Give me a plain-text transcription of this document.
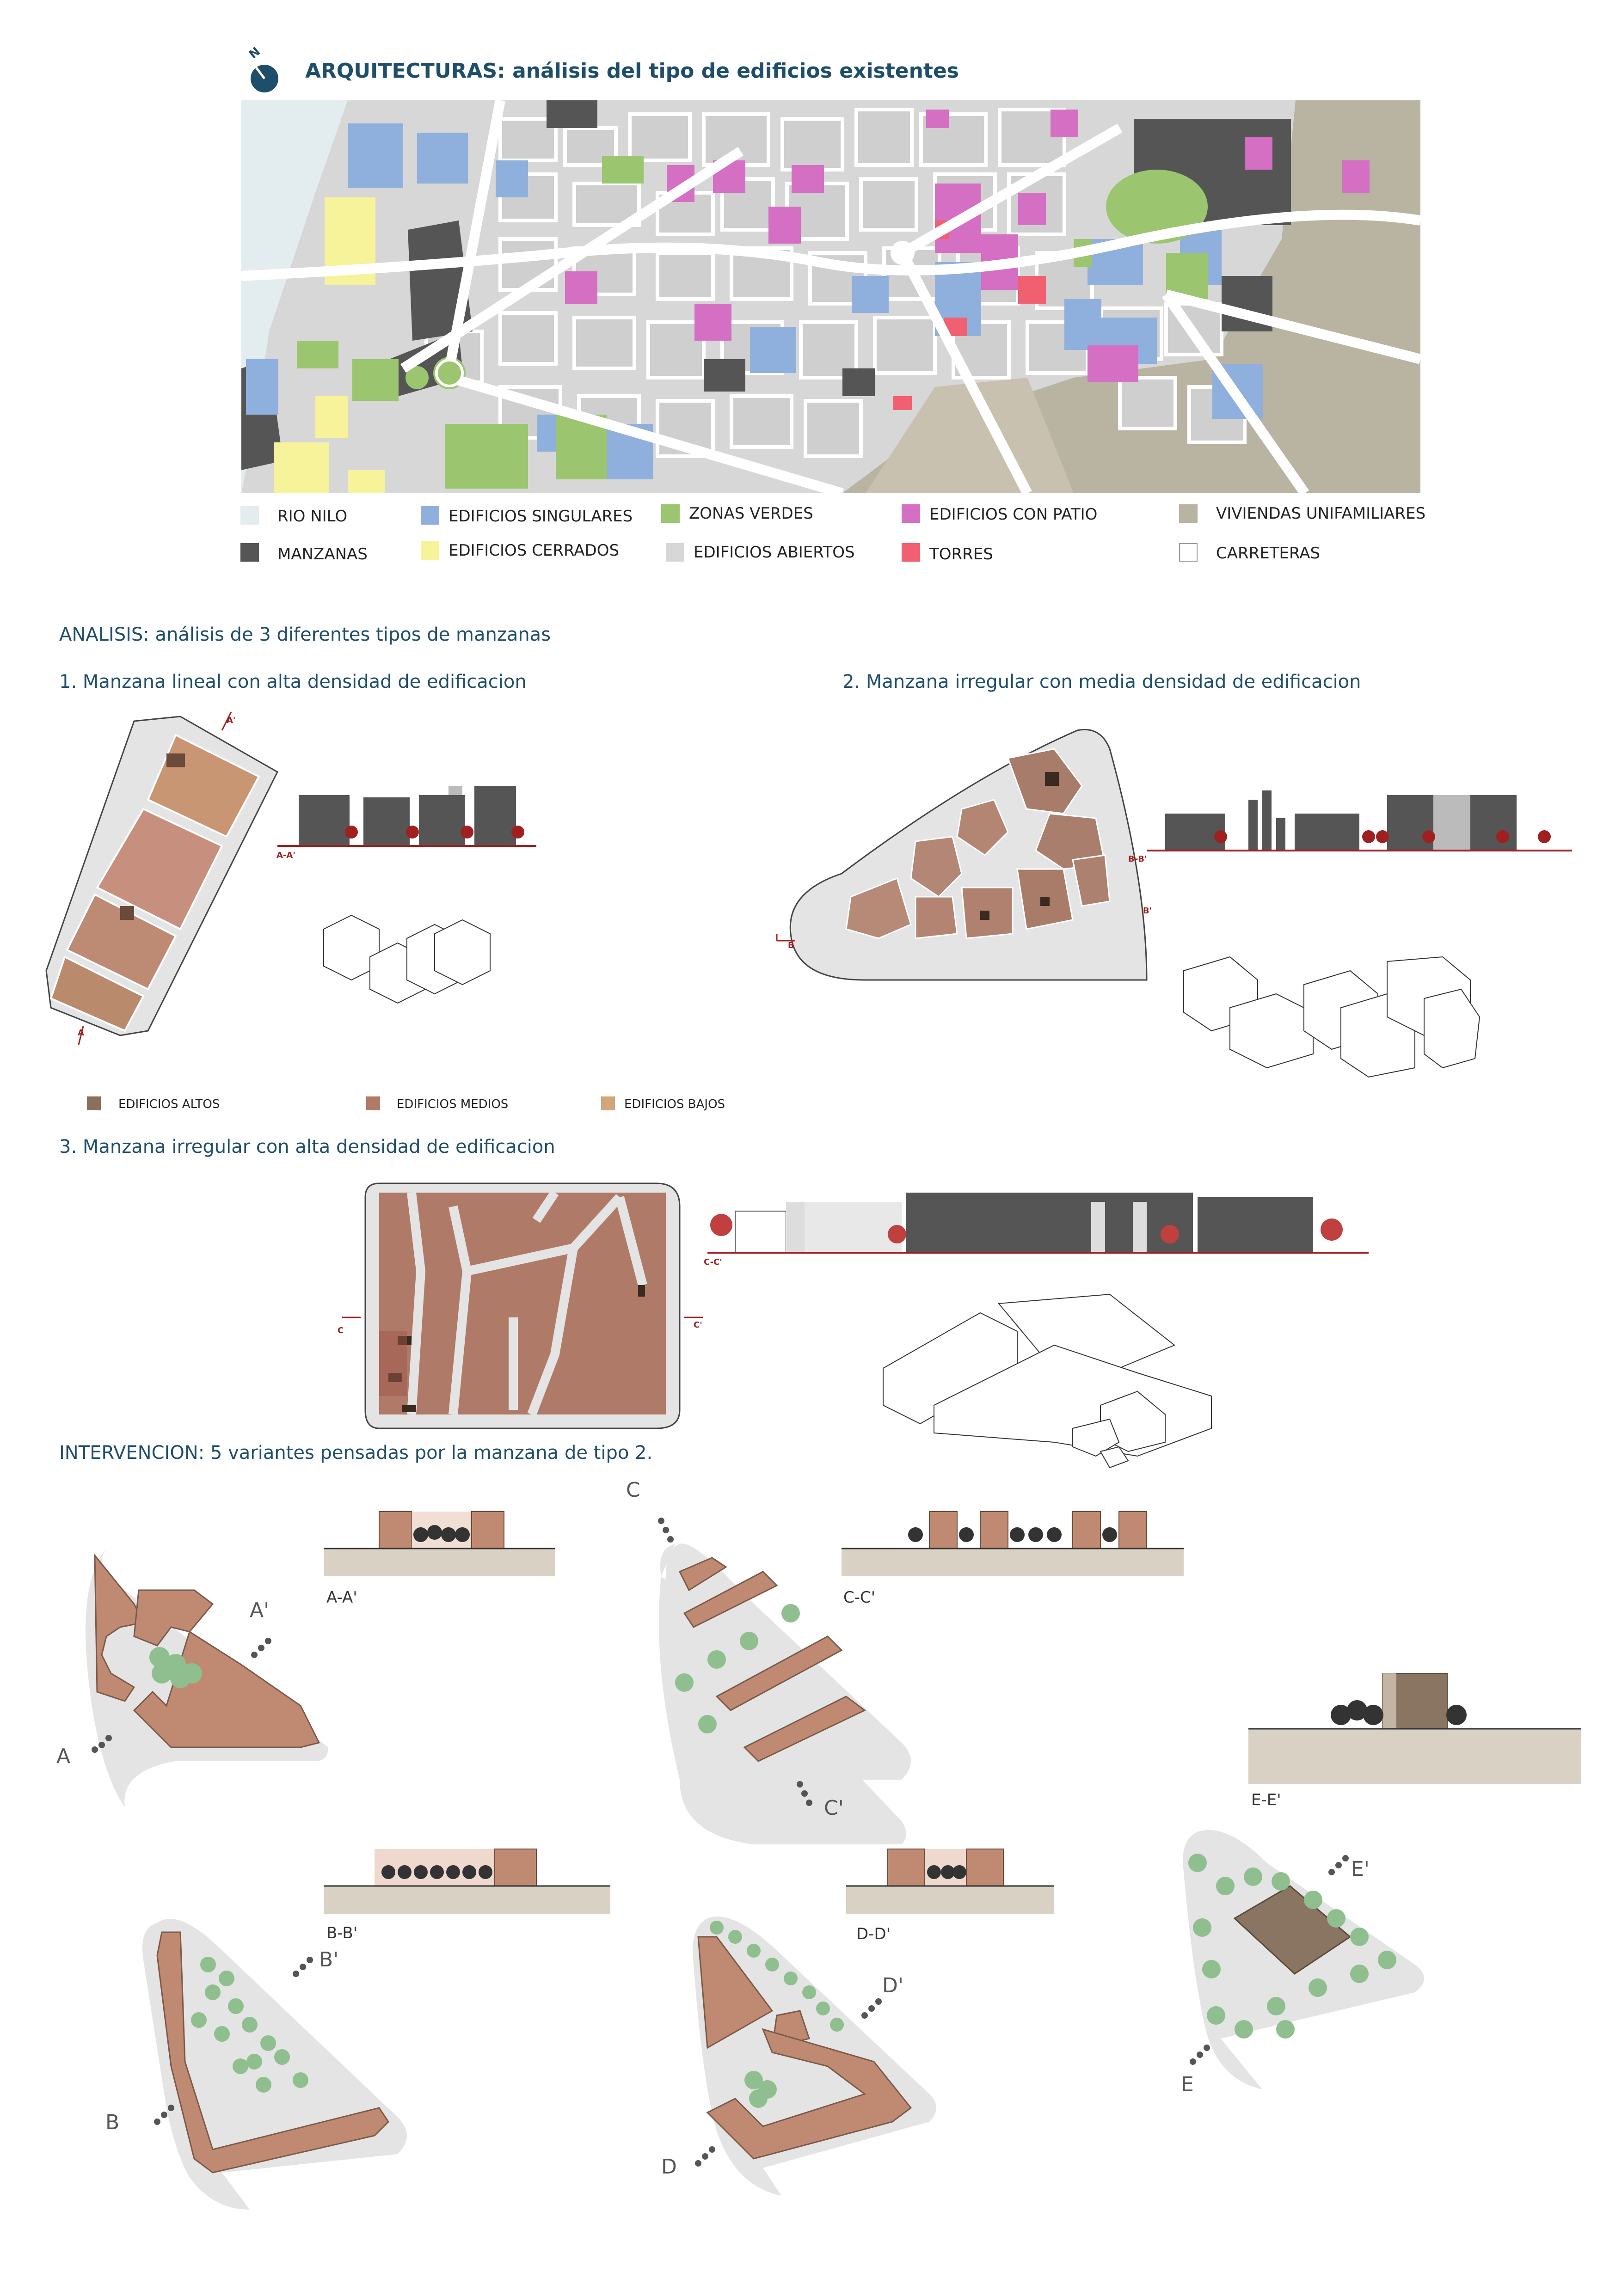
N
ARQUITECTURAS: análisis del tipo de edificios existentes
RIO NILO	EDIFICIOS SINGULARES	ZONAS VERDES	EDIFICIOS CON PATIO	VIVIENDAS UNIFAMILIARES
MANZANAS	EDIFICIOS CERRADOS	EDIFICIOS ABIERTOS	TORRES	CARRETERAS
ANALISIS: análisis de 3 diferentes tipos de manzanas
1. Manzana lineal con alta densidad de edificacion	2. Manzana irregular con media densidad de edificacion
A'
A
A-A'
B
B'
B-B'
EDIFICIOS ALTOS	EDIFICIOS MEDIOS	EDIFICIOS BAJOS
3. Manzana irregular con alta densidad de edificacion
C
C'
C-C'
INTERVENCION: 5 variantes pensadas por la manzana de tipo 2.
A
A'
A-A'
C
C'
C-C'
E-E'
B-B'
B
B'
D-D'
D
D'
E
E'
